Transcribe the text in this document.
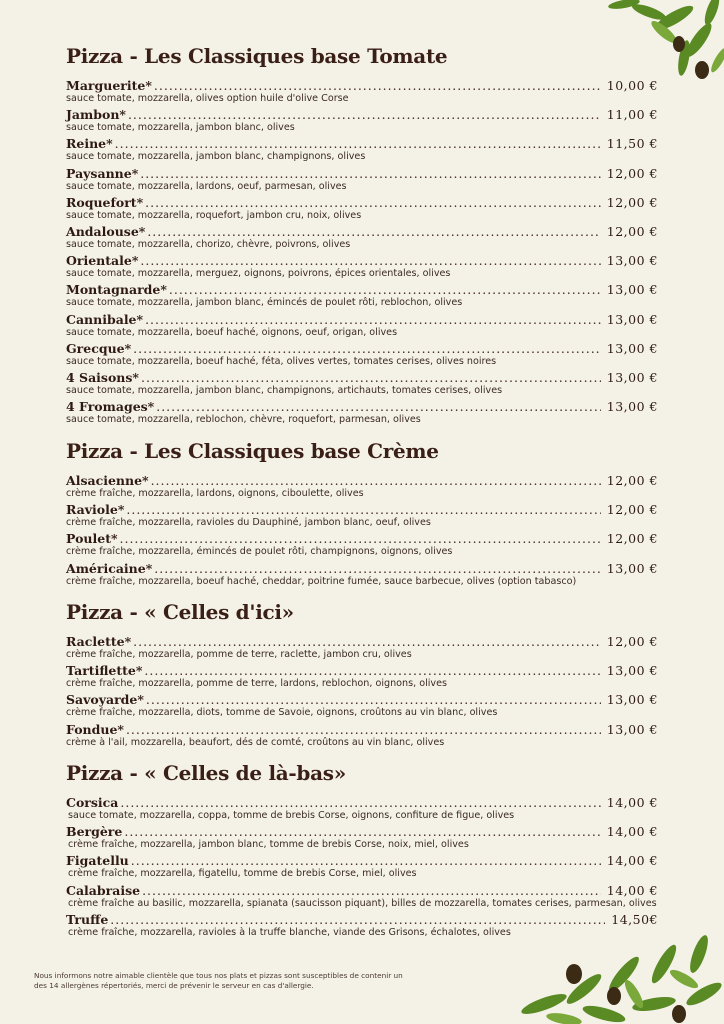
Pizza - Les Classiques base Tomate
Marguerite* .....	10,00 €
sauce tomate, mozzarella, olives option huile d'olive Corse
Jambon* .....	11,00 €
sauce tomate, mozzarella, jambon blanc, olives
Reine* .....	11,50 €
sauce tomate, mozzarella, jambon blanc, champignons, olives
Paysanne* .....	12,00 €
sauce tomate, mozzarella, lardons, oeuf, parmesan, olives
Roquefort* .....	12,00 €
sauce tomate, mozzarella, roquefort, jambon cru, noix, olives
Andalouse* .....	12,00 €
sauce tomate, mozzarella, chorizo, chèvre, poivrons, olives
Orientale* .....	13,00 €
sauce tomate, mozzarella, merguez, oignons, poivrons, épices orientales, olives
Montagnarde* .....	13,00 €
sauce tomate, mozzarella, jambon blanc, émincés de poulet rôti, reblochon, olives
Cannibale* .....	13,00 €
sauce tomate, mozzarella, boeuf haché, oignons, oeuf, origan, olives
Grecque* .....	13,00 €
sauce tomate, mozzarella, boeuf haché, féta, olives vertes, tomates cerises, olives noires
4 Saisons* .....	13,00 €
sauce tomate, mozzarella, jambon blanc, champignons, artichauts, tomates cerises, olives
4 Fromages* .....	13,00 €
sauce tomate, mozzarella, reblochon, chèvre, roquefort, parmesan, olives
Pizza - Les Classiques base Crème
Alsacienne* .....	12,00 €
crème fraîche, mozzarella, lardons, oignons, ciboulette, olives
Raviole* .....	12,00 €
crème fraîche, mozzarella, ravioles du Dauphiné, jambon blanc, oeuf, olives
Poulet* .....	12,00 €
crème fraîche, mozzarella, émincés de poulet rôti, champignons, oignons, olives
Américaine* .....	13,00 €
crème fraîche, mozzarella, boeuf haché, cheddar, poitrine fumée, sauce barbecue, olives (option tabasco)
Pizza - « Celles d'ici»
Raclette* .....	12,00 €
crème fraîche, mozzarella, pomme de terre, raclette, jambon cru, olives
Tartiflette* .....	13,00 €
crème fraîche, mozzarella, pomme de terre, lardons, reblochon, oignons, olives
Savoyarde* .....	13,00 €
crème fraîche, mozzarella, diots, tomme de Savoie, oignons, croûtons au vin blanc, olives
Fondue* .....	13,00 €
crème à l'ail, mozzarella, beaufort, dés de comté, croûtons au vin blanc, olives
Pizza - « Celles de là-bas»
Corsica .....	14,00 €
sauce tomate, mozzarella, coppa, tomme de brebis Corse, oignons, confiture de figue, olives
Bergère .....	14,00 €
crème fraîche, mozzarella, jambon blanc, tomme de brebis Corse, noix, miel, olives
Figatellu .....	14,00 €
crème fraîche, mozzarella, figatellu, tomme de brebis Corse, miel, olives
Calabraise .....	14,00 €
crème fraîche au basilic, mozzarella, spianata (saucisson piquant), billes de mozzarella, tomates cerises, parmesan, olives
Truffe .....	14,50€
crème fraîche, mozzarella, ravioles à la truffe blanche, viande des Grisons, échalotes, olives
Nous informons notre aimable clientèle que tous nos plats et pizzas sont susceptibles de contenir un des 14 allergènes répertoriés, merci de prévenir le serveur en cas d'allergie.
